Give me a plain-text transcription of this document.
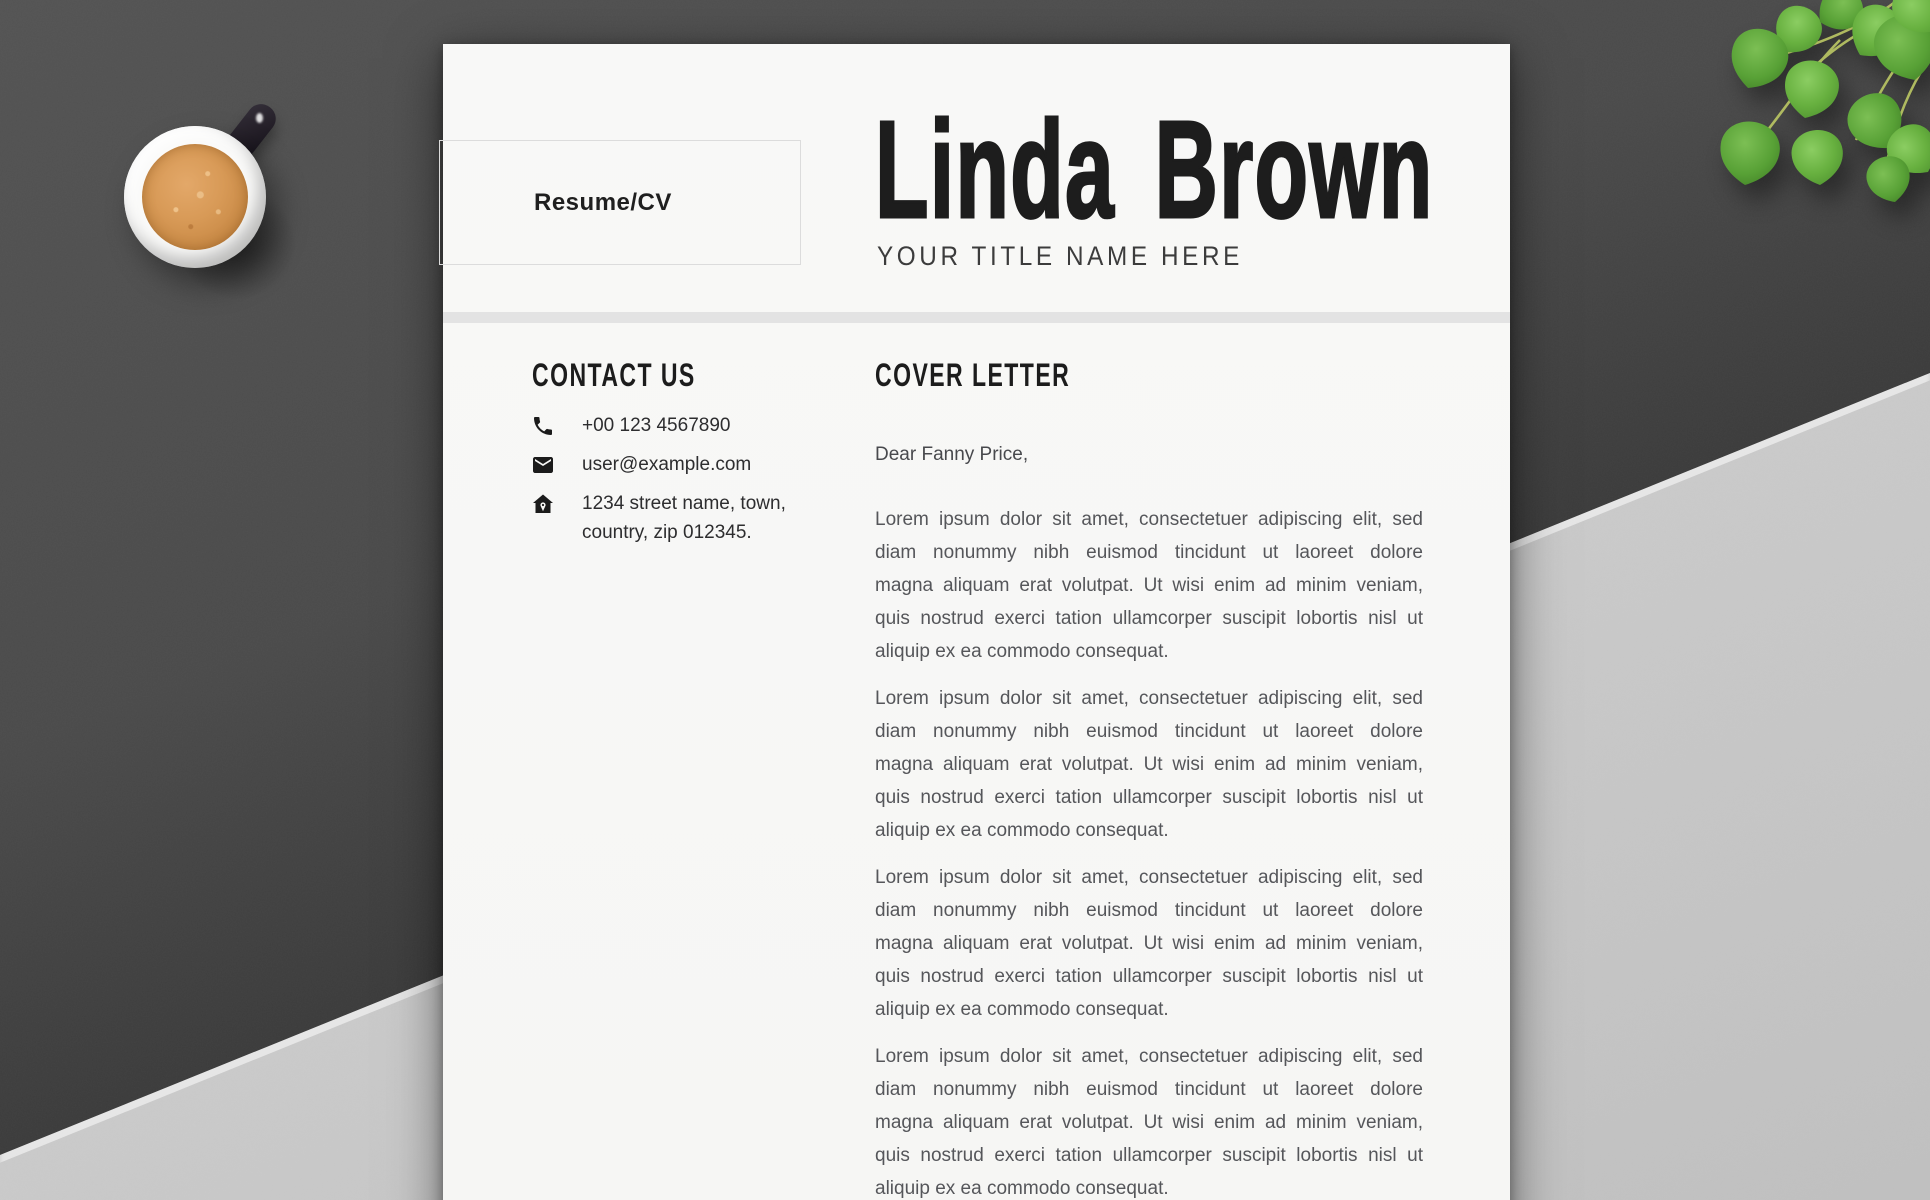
Resume/CV Linda Brown
YOUR TITLE NAME HERE
CONTACT US	COVER LETTER
+00 123 4567890
user@example.com
1234 street name, town,
country, zip 012345.
Dear Fanny Price,
Lorem ipsum dolor sit amet, consectetuer adipiscing elit, sed
diam nonummy nibh euismod tincidunt ut laoreet dolore
magna aliquam erat volutpat. Ut wisi enim ad minim veniam,
quis nostrud exerci tation ullamcorper suscipit lobortis nisl ut
aliquip ex ea commodo consequat.
Lorem ipsum dolor sit amet, consectetuer adipiscing elit, sed
diam nonummy nibh euismod tincidunt ut laoreet dolore
magna aliquam erat volutpat. Ut wisi enim ad minim veniam,
quis nostrud exerci tation ullamcorper suscipit lobortis nisl ut
aliquip ex ea commodo consequat.
Lorem ipsum dolor sit amet, consectetuer adipiscing elit, sed
diam nonummy nibh euismod tincidunt ut laoreet dolore
magna aliquam erat volutpat. Ut wisi enim ad minim veniam,
quis nostrud exerci tation ullamcorper suscipit lobortis nisl ut
aliquip ex ea commodo consequat.
Lorem ipsum dolor sit amet, consectetuer adipiscing elit, sed
diam nonummy nibh euismod tincidunt ut laoreet dolore
magna aliquam erat volutpat. Ut wisi enim ad minim veniam,
quis nostrud exerci tation ullamcorper suscipit lobortis nisl ut
aliquip ex ea commodo consequat.
